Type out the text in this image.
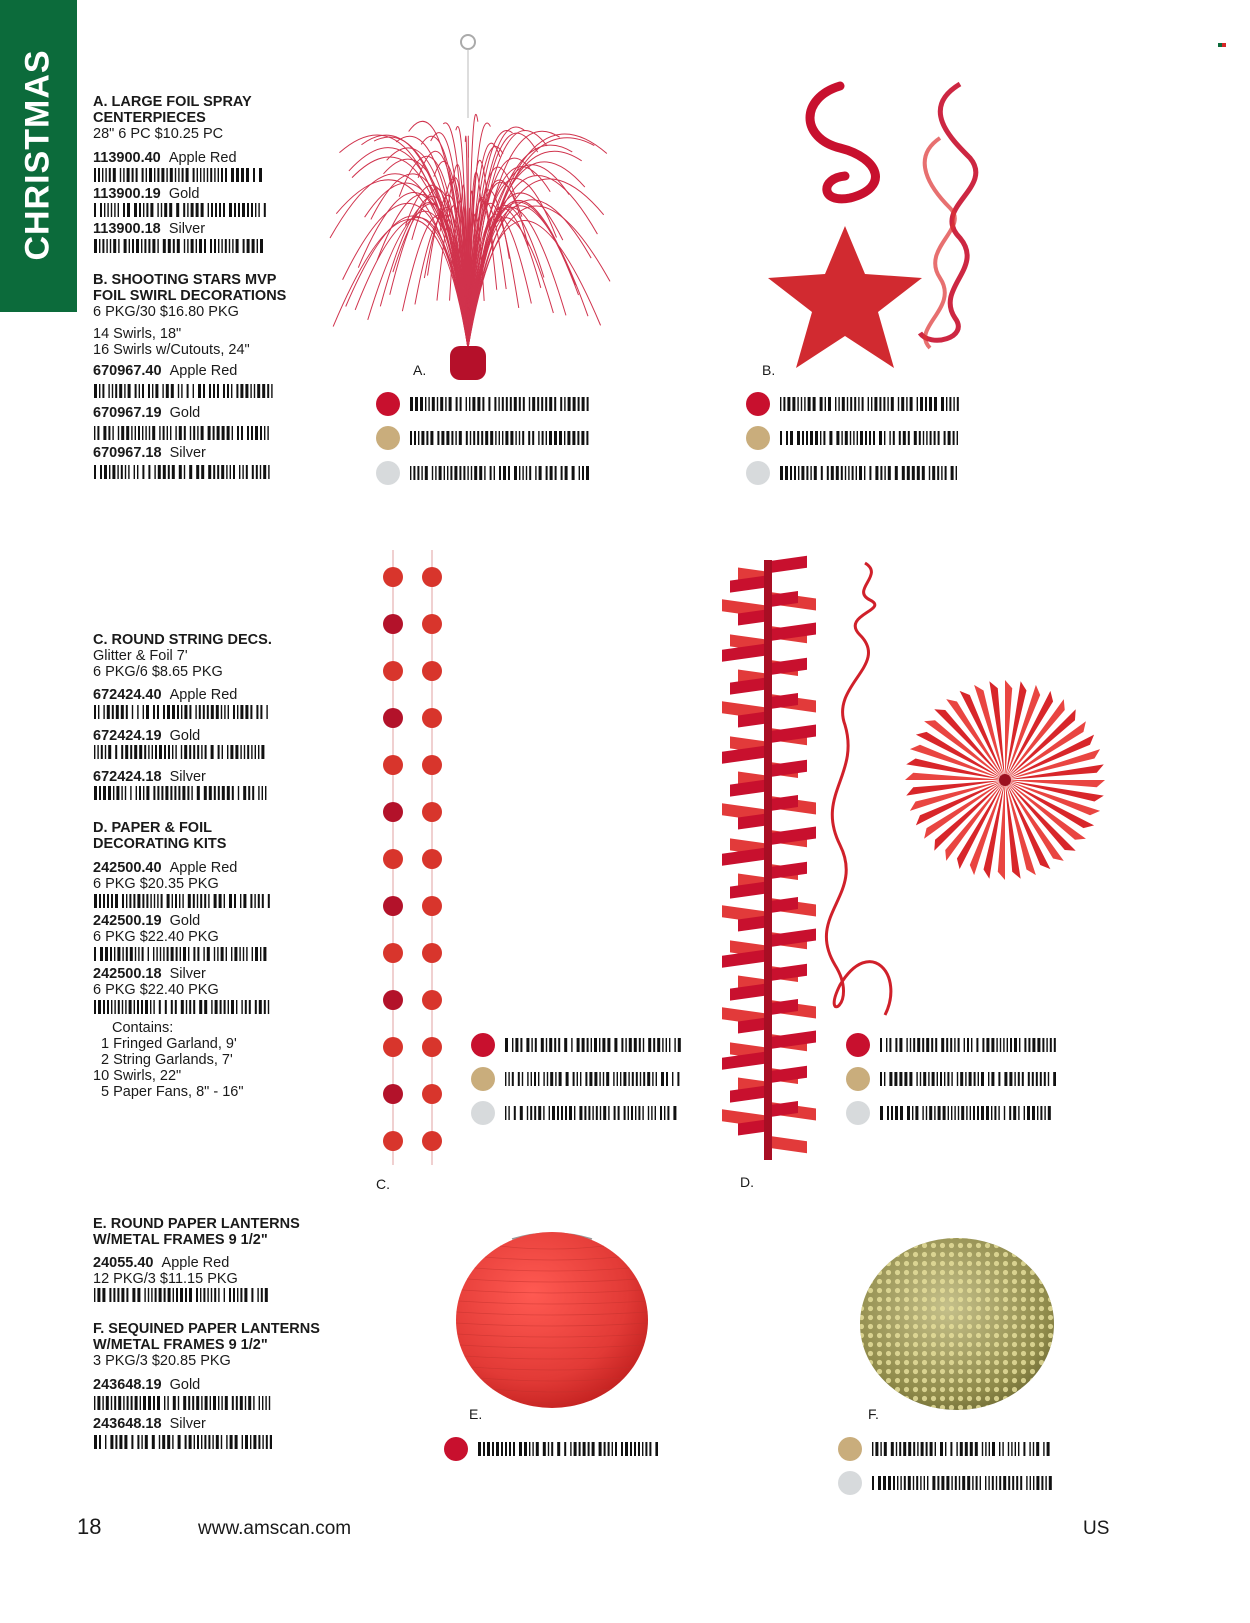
CHRISTMAS	A. LARGE FOIL SPRAY
CENTERPIECES
28" 6 PC $10.25 PC
113900.40 Apple Red
113900.19 Gold
113900.18 Silver
B. SHOOTING STARS MVP
FOIL SWIRL DECORATIONS
6 PKG/30 $16.80 PKG
14 Swirls, 18"
16 Swirls w/Cutouts, 24"
670967.40 Apple Red
670967.19 Gold
670967.18 Silver
C. ROUND STRING DECS.
Glitter & Foil 7'
6 PKG/6 $8.65 PKG
672424.40 Apple Red
672424.19 Gold
672424.18 Silver
D. PAPER & FOIL
DECORATING KITS
242500.40 Apple Red
6 PKG $20.35 PKG
242500.19 Gold
6 PKG $22.40 PKG
242500.18 Silver
6 PKG $22.40 PKG
Contains:
1 Fringed Garland, 9'
2 String Garlands, 7'
10 Swirls, 22"
5 Paper Fans, 8" - 16"
E. ROUND PAPER LANTERNS
W/METAL FRAMES 9 1/2"
24055.40 Apple Red
12 PKG/3 $11.15 PKG
F. SEQUINED PAPER LANTERNS
W/METAL FRAMES 9 1/2"
3 PKG/3 $20.85 PKG
243648.19 Gold
243648.18 Silver
A.	B.
C.	D.
E.	F.
18	www.amscan.com	US
